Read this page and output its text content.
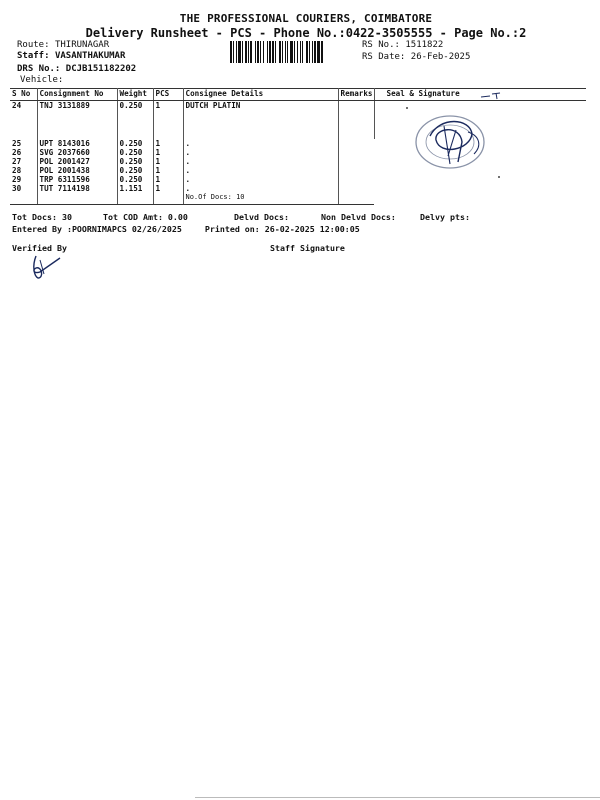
THE PROFESSIONAL COURIERS, COIMBATORE
Delivery Runsheet - PCS - Phone No.:0422-3505555 - Page No.:2
Route: THIRUNAGAR
Staff: VASANTHAKUMAR
DRS No.: DCJB151182202
Vehicle:
RS No.: 1511822
RS Date: 26-Feb-2025
S No	Consignment No	Weight	PCS	Consignee Details	Remarks	Seal & Signature
24	TNJ 3131889	0.250	1	DUTCH PLATIN		
25	UPT 8143016	0.250	1	.		
26	SVG 2037660	0.250	1	.		
27	POL 2001427	0.250	1	.		
28	POL 2001438	0.250	1	.		
29	TRP 6311596	0.250	1	.		
30	TUT 7114198	1.151	1	.		
				No.Of Docs: 10		
Tot Docs: 30	Tot COD Amt: 0.00	Delvd Docs:	Non Delvd Docs:	Delvy pts:
Entered By :POORNIMAPCS 02/26/2025	Printed on: 26-02-2025 12:00:05
Verified By	Staff Signature
